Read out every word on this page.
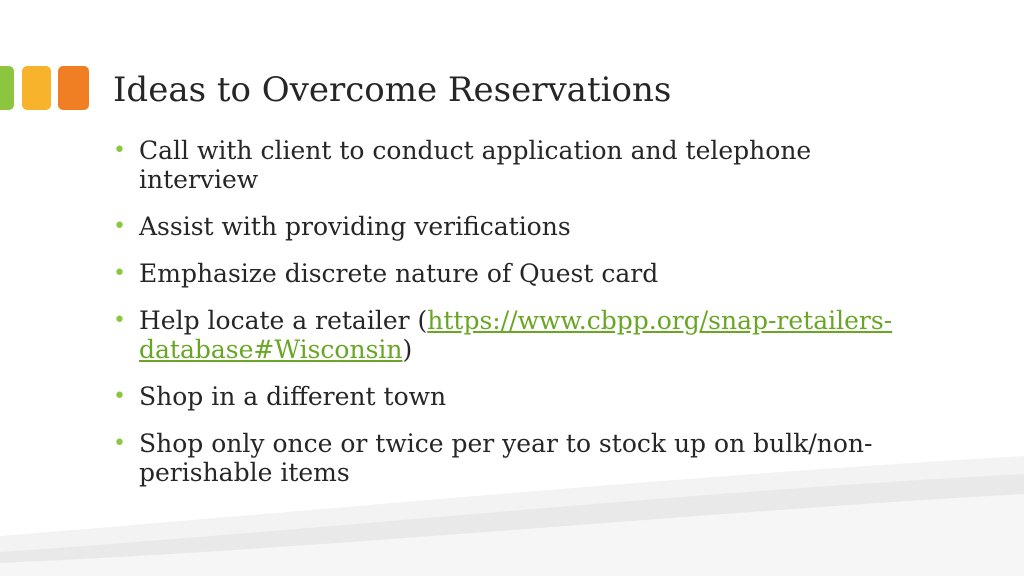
Ideas to Overcome Reservations
• Call with client to conduct application and telephone interview
• Assist with providing verifications
• Emphasize discrete nature of Quest card
• Help locate a retailer (https://www.cbpp.org/snap-retailers-database#Wisconsin)
• Shop in a different town
• Shop only once or twice per year to stock up on bulk/non-perishable items
